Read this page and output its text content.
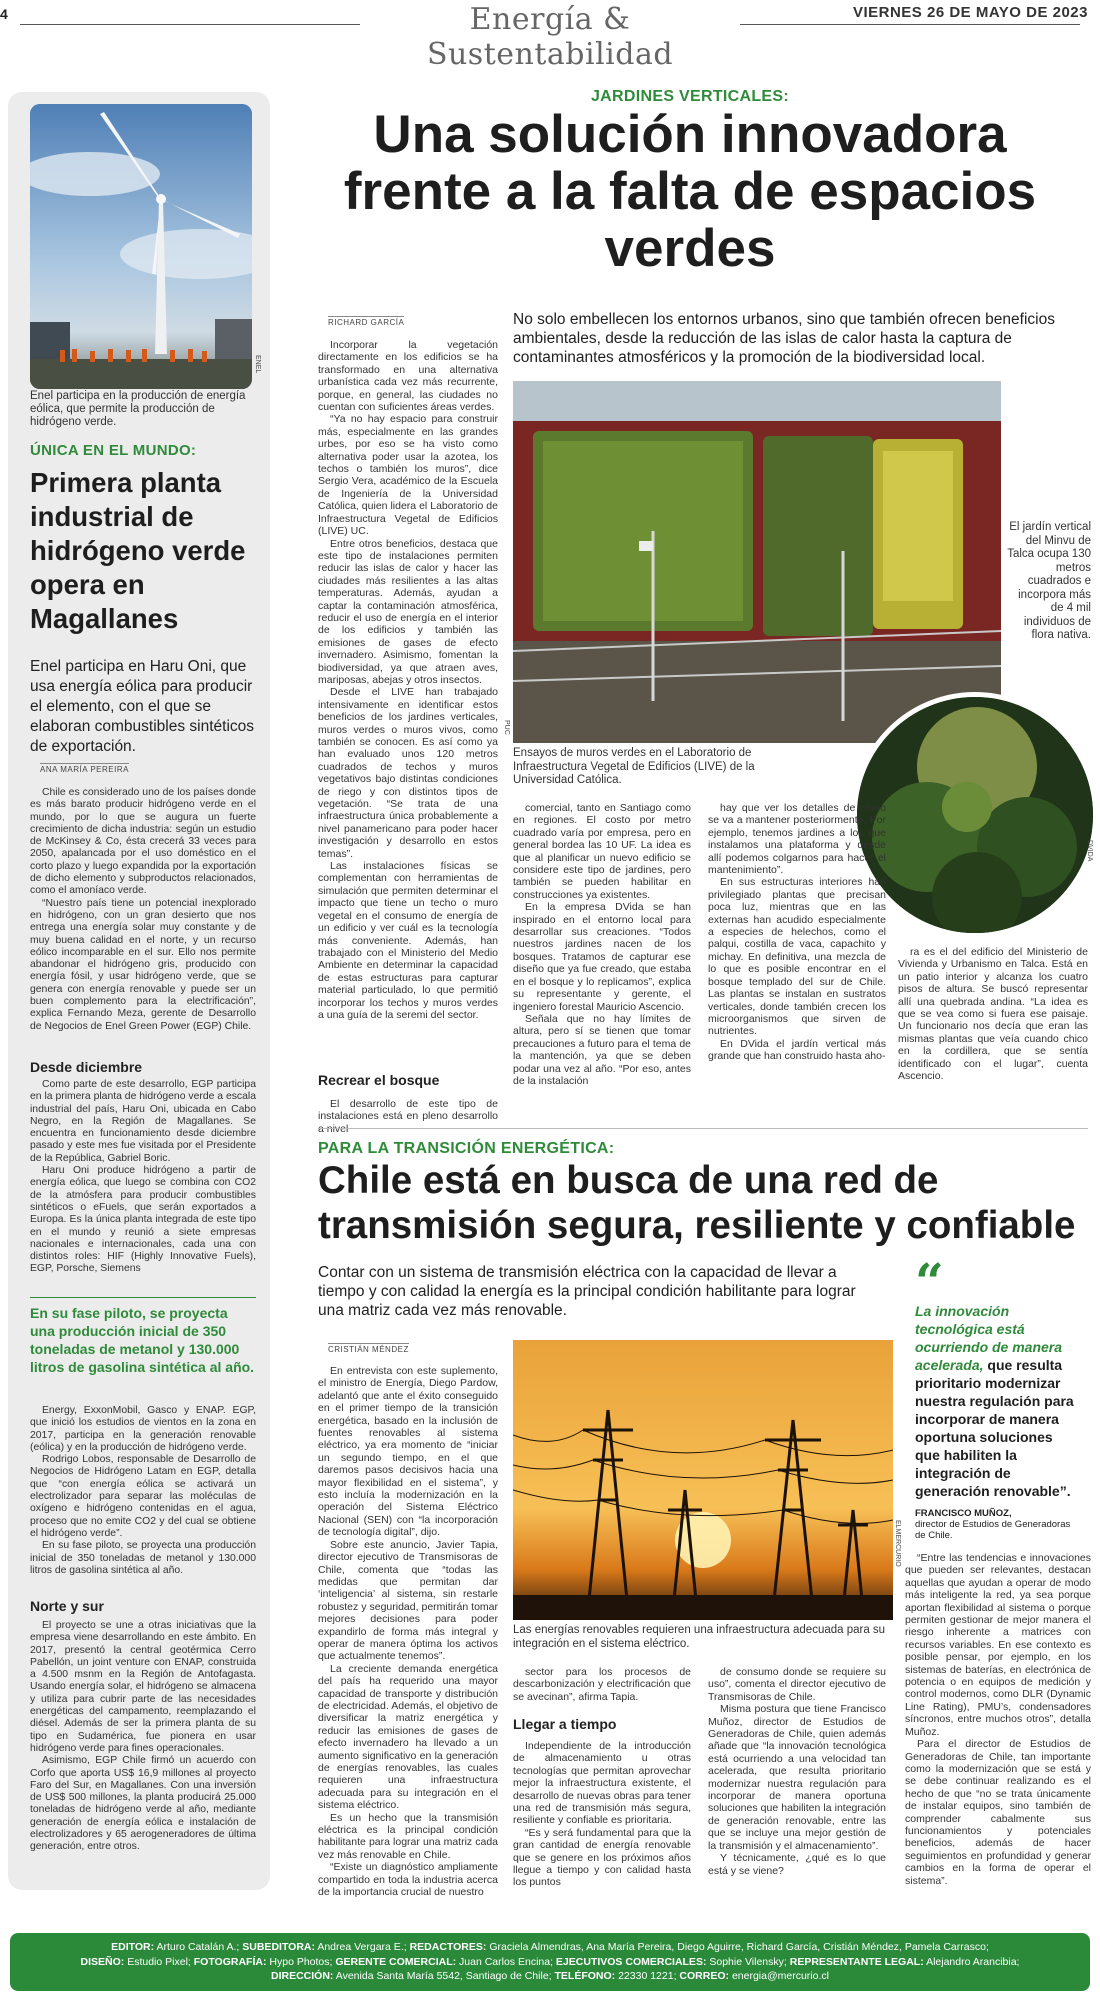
4	Energía & Sustentabilidad
VIERNES 26 DE MAYO DE 2023
ENEL
Enel participa en la producción de energía eólica, que permite la producción de hidrógeno verde.
ÚNICA EN EL MUNDO:
Primera planta industrial de hidrógeno verde opera en Magallanes
Enel participa en Haru Oni, que usa energía eólica para producir el elemento, con el que se elaboran combustibles sintéticos de exportación.
ANA MARÍA PEREIRA

Chile es considerado uno de los países donde es más barato producir hidrógeno verde en el mundo, por lo que se augura un fuerte crecimiento de dicha industria: según un estudio de McKinsey & Co, ésta crecerá 33 veces para 2050, apalancada por el uso doméstico en el corto plazo y luego expandida por la exportación de dicho elemento y subproductos relacionados, como el amoníaco verde.

“Nuestro país tiene un potencial inexplorado en hidrógeno, con un gran desierto que nos entrega una energía solar muy constante y de muy buena calidad en el norte, y un recurso eólico incomparable en el sur. Ello nos permite abandonar el hidrógeno gris, producido con energía fósil, y usar hidrógeno verde, que se genera con energía renovable y puede ser un buen complemento para la electrificación”, explica Fernando Meza, gerente de Desarrollo de Negocios de Enel Green Power (EGP) Chile.

Desde diciembre

Como parte de este desarrollo, EGP participa en la primera planta de hidrógeno verde a escala industrial del país, Haru Oni, ubicada en Cabo Negro, en la Región de Magallanes. Se encuentra en funcionamiento desde diciembre pasado y este mes fue visitada por el Presidente de la República, Gabriel Boric.

Haru Oni produce hidrógeno a partir de energía eólica, que luego se combina con CO2 de la atmósfera para producir combustibles sintéticos o eFuels, que serán exportados a Europa. Es la única planta integrada de este tipo en el mundo y reunió a siete empresas nacionales e internacionales, cada una con distintos roles: HIF (Highly Innovative Fuels), EGP, Porsche, Siemens

En su fase piloto, se proyecta una producción inicial de 350 toneladas de metanol y 130.000 litros de gasolina sintética al año.

Energy, ExxonMobil, Gasco y ENAP. EGP, que inició los estudios de vientos en la zona en 2017, participa en la generación renovable (eólica) y en la producción de hidrógeno verde.

Rodrigo Lobos, responsable de Desarrollo de Negocios de Hidrógeno Latam en EGP, detalla que “con energía eólica se activará un electrolizador para separar las moléculas de oxígeno e hidrógeno contenidas en el agua, proceso que no emite CO2 y del cual se obtiene el hidrógeno verde”.

En su fase piloto, se proyecta una producción inicial de 350 toneladas de metanol y 130.000 litros de gasolina sintética al año.

Norte y sur

El proyecto se une a otras iniciativas que la empresa viene desarrollando en este ámbito. En 2017, presentó la central geotérmica Cerro Pabellón, un joint venture con ENAP, construida a 4.500 msnm en la Región de Antofagasta. Usando energía solar, el hidrógeno se almacena y utiliza para cubrir parte de las necesidades energéticas del campamento, reemplazando el diésel. Además de ser la primera planta de su tipo en Sudamérica, fue pionera en usar hidrógeno verde para fines operacionales.

Asimismo, EGP Chile firmó un acuerdo con Corfo que aporta US$ 16,9 millones al proyecto Faro del Sur, en Magallanes. Con una inversión de US$ 500 millones, la planta producirá 25.000 toneladas de hidrógeno verde al año, mediante generación de energía eólica e instalación de electrolizadores y 65 aerogeneradores de última generación, entre otros.

JARDINES VERTICALES:
Una solución innovadora frente a la falta de espacios verdes
RICHARD GARCÍA	No solo embellecen los entornos urbanos, sino que también ofrecen beneficios ambientales, desde la reducción de las islas de calor hasta la captura de contaminantes atmosféricos y la promoción de la biodiversidad local.

Incorporar la vegetación directamente en los edificios se ha transformado en una alternativa urbanística cada vez más recurrente, porque, en general, las ciudades no cuentan con suficientes áreas verdes.

“Ya no hay espacio para construir más, especialmente en las grandes urbes, por eso se ha visto como alternativa poder usar la azotea, los techos o también los muros”, dice Sergio Vera, académico de la Escuela de Ingeniería de la Universidad Católica, quien lidera el Laboratorio de Infraestructura Vegetal de Edificios (LIVE) UC.

Entre otros beneficios, destaca que este tipo de instalaciones permiten reducir las islas de calor y hacer las ciudades más resilientes a las altas temperaturas. Además, ayudan a captar la contaminación atmosférica, reducir el uso de energía en el interior de los edificios y también las emisiones de gases de efecto invernadero. Asimismo, fomentan la biodiversidad, ya que atraen aves, mariposas, abejas y otros insectos.

Desde el LIVE han trabajado intensivamente en identificar estos beneficios de los jardines verticales, muros verdes o muros vivos, como también se conocen. Es así como ya han evaluado unos 120 metros cuadrados de techos y muros vegetativos bajo distintas condiciones de riego y con distintos tipos de vegetación. “Se trata de una infraestructura única probablemente a nivel panamericano para poder hacer investigación y desarrollo en estos temas”.

Las instalaciones físicas se complementan con herramientas de simulación que permiten determinar el impacto que tiene un techo o muro vegetal en el consumo de energía de un edificio y ver cuál es la tecnología más conveniente. Además, han trabajado con el Ministerio del Medio Ambiente en determinar la capacidad de estas estructuras para capturar material particulado, lo que permitió incorporar los techos y muros verdes a una guía de la seremi del sector.

Recrear el bosque

El desarrollo de este tipo de instalaciones está en pleno desarrollo

PUC
Ensayos de muros verdes en el Laboratorio de Infraestructura Vegetal de Edificios (LIVE) de la Universidad Católica.
El jardín vertical del Minvu de Talca ocupa 130 metros cuadrados e incorpora más de 4 mil individuos de flora nativa.
DVIDA

comercial, tanto en Santiago como en regiones. El costo por metro cuadrado varía por empresa, pero en general bordea las 10 UF. La idea es que al planificar un nuevo edificio se considere este tipo de jardines, pero también se pueden habilitar en construcciones ya existentes.

En la empresa DVida se han inspirado en el entorno local para desarrollar sus creaciones. “Todos nuestros jardines nacen de los bosques. Tratamos de capturar ese diseño que ya fue creado, que estaba en el bosque y lo replicamos”, explica su representante y gerente, el ingeniero forestal Mauricio Ascencio.

Señala que no hay límites de altura, pero sí se tienen que tomar precauciones a futuro para el tema de la mantención, ya que se deben podar una vez al año. “Por eso, antes de la instalación

hay que ver los detalles de cómo se va a mantener posteriormente. Por ejemplo, tenemos jardines a los que instalamos una plataforma y desde allí podemos colgarnos para hacer el mantenimiento”.

En sus estructuras interiores han privilegiado plantas que precisan poca luz, mientras que en las externas han acudido especialmente a especies de helechos, como el palqui, costilla de vaca, capachito y michay. En definitiva, una mezcla de lo que es posible encontrar en el bosque templado del sur de Chile. Las plantas se instalan en sustratos verticales, donde también crecen los microorganismos que sirven de nutrientes.

En DVida el jardín vertical más grande que han construido hasta aho-

ra es el del edificio del Ministerio de Vivienda y Urbanismo en Talca. Está en un patio interior y alcanza los cuatro pisos de altura. Se buscó representar allí una quebrada andina. “La idea es que se vea como si fuera ese paisaje. Un funcionario nos decía que eran las mismas plantas que veía cuando chico en la cordillera, que se sentía identificado con el lugar”, cuenta Ascencio.

PARA LA TRANSICIÓN ENERGÉTICA:
Chile está en busca de una red de transmisión segura, resiliente y confiable
Contar con un sistema de transmisión eléctrica con la capacidad de llevar a tiempo y con calidad la energía es la principal condición habilitante para lograr una matriz cada vez más renovable.
CRISTIÁN MÉNDEZ

En entrevista con este suplemento, el ministro de Energía, Diego Pardow, adelantó que ante el éxito conseguido en el primer tiempo de la transición energética, basado en la inclusión de fuentes renovables al sistema eléctrico, ya era momento de “iniciar un segundo tiempo, en el que daremos pasos decisivos hacia una mayor flexibilidad en el sistema”, y esto incluía la modernización en la operación del Sistema Eléctrico Nacional (SEN) con “la incorporación de tecnología digital”, dijo.

Sobre este anuncio, Javier Tapia, director ejecutivo de Transmisoras de Chile, comenta que “todas las medidas que permitan dar ‘inteligencia’ al sistema, sin restarle robustez y seguridad, permitirán tomar mejores decisiones para poder expandirlo de forma más integral y operar de manera óptima los activos que actualmente tenemos”.

La creciente demanda energética del país ha requerido una mayor capacidad de transporte y distribución de electricidad. Además, el objetivo de diversificar la matriz energética y reducir las emisiones de gases de efecto invernadero ha llevado a un aumento significativo en la generación de energías renovables, las cuales requieren una infraestructura adecuada para su integración en el sistema eléctrico.

Es un hecho que la transmisión eléctrica es la principal condición habilitante para lograr una matriz cada vez más renovable en Chile.

“Existe un diagnóstico ampliamente compartido en toda la industria acerca de la importancia crucial de nuestro

ELMERCURIO
Las energías renovables requieren una infraestructura adecuada para su integración en el sistema eléctrico.

sector para los procesos de descarbonización y electrificación que se avecinan”, afirma Tapia.

Llegar a tiempo

Independiente de la introducción de almacenamiento u otras tecnologías que permitan aprovechar mejor la infraestructura existente, el desarrollo de nuevas obras para tener una red de transmisión más segura, resiliente y confiable es prioritaria.

“Es y será fundamental para que la gran cantidad de energía renovable que se genere en los próximos años llegue a tiempo y con calidad hasta los puntos

de consumo donde se requiere su uso”, comenta el director ejecutivo de Transmisoras de Chile.

Misma postura que tiene Francisco Muñoz, director de Estudios de Generadoras de Chile, quien además añade que “la innovación tecnológica está ocurriendo a una velocidad tan acelerada, que resulta prioritario modernizar nuestra regulación para incorporar de manera oportuna soluciones que habiliten la integración de generación renovable, entre las que se incluye una mejor gestión de la transmisión y el almacenamiento”.

Y técnicamente, ¿qué es lo que está y se viene?

“
La innovación tecnológica está ocurriendo de manera acelerada, que resulta prioritario modernizar nuestra regulación para incorporar de manera oportuna soluciones que habiliten la integración de generación renovable”.
FRANCISCO MUÑOZ,
director de Estudios de Generadoras de Chile.

“Entre las tendencias e innovaciones que pueden ser relevantes, destacan aquellas que ayudan a operar de modo más inteligente la red, ya sea porque aportan flexibilidad al sistema o porque permiten gestionar de mejor manera el riesgo inherente a matrices con recursos variables. En ese contexto es posible pensar, por ejemplo, en los sistemas de baterías, en electrónica de potencia o en equipos de medición y control modernos, como DLR (Dynamic Line Rating), PMU’s, condensadores síncronos, entre muchos otros”, detalla Muñoz.

Para el director de Estudios de Generadoras de Chile, tan importante como la modernización que se está y se debe continuar realizando es el hecho de que “no se trata únicamente de instalar equipos, sino también de comprender cabalmente sus funcionamientos y potenciales beneficios, además de hacer seguimientos en profundidad y generar cambios en la forma de operar el sistema”.

EDITOR: Arturo Catalán A.; SUBEDITORA: Andrea Vergara E.; REDACTORES: Graciela Almendras, Ana María Pereira, Diego Aguirre, Richard García, Cristián Méndez, Pamela Carrasco;
DISEÑO: Estudio Pixel; FOTOGRAFÍA: Hypo Photos; GERENTE COMERCIAL: Juan Carlos Encina; EJECUTIVOS COMERCIALES: Sophie Vilensky; REPRESENTANTE LEGAL: Alejandro Arancibia;
DIRECCIÓN: Avenida Santa María 5542, Santiago de Chile; TELÉFONO: 22330 1221; CORREO: energia@mercurio.cl
